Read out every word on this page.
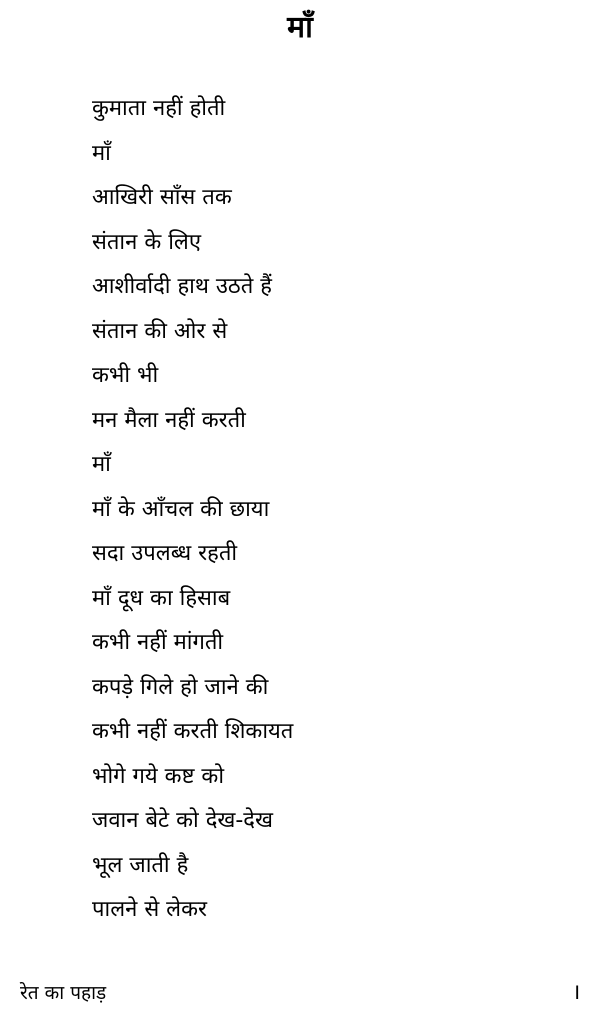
माँ
कुमाता नहीं होती
माँ
आखिरी साँस तक
संतान के लिए
आशीर्वादी हाथ उठते हैं
संतान की ओर से
कभी भी
मन मैला नहीं करती
माँ
माँ के आँचल की छाया
सदा उपलब्ध रहती
माँ दूध का हिसाब
कभी नहीं मांगती
कपड़े गिले हो जाने की
कभी नहीं करती शिकायत
भोगे गये कष्ट को
जवान बेटे को देख-देख
भूल जाती है
पालने से लेकर
रेत का पहाड़	I
